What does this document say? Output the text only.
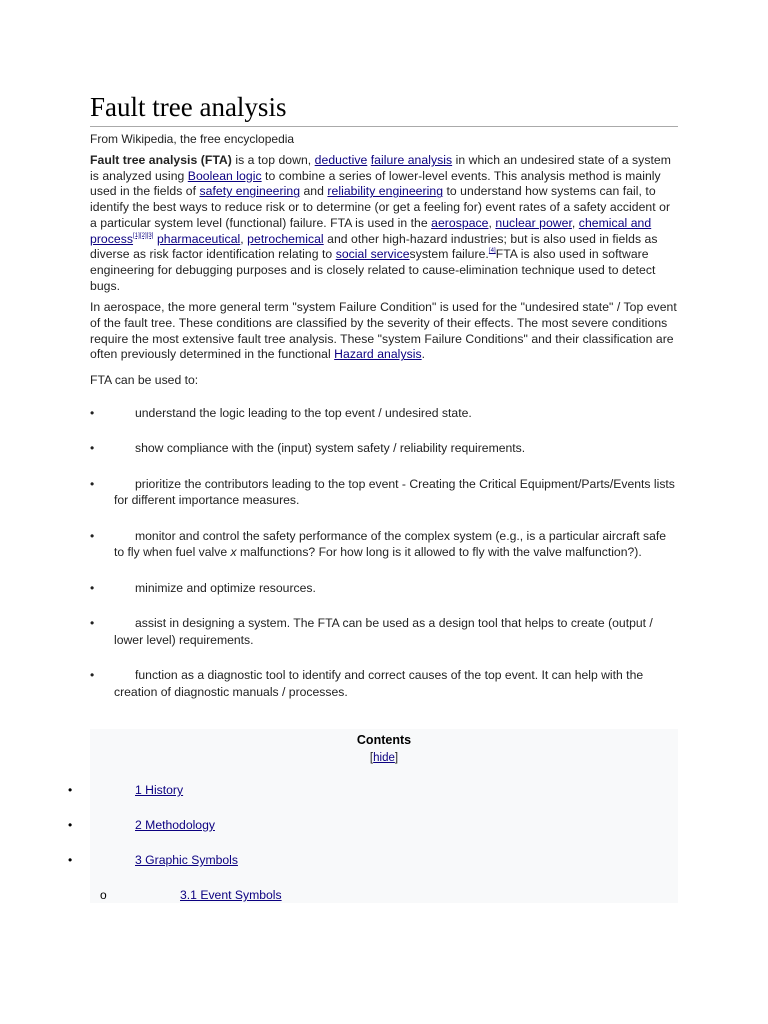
Fault tree analysis
From Wikipedia, the free encyclopedia

Fault tree analysis (FTA) is a top down, deductive failure analysis in which an undesired state of a system is analyzed using Boolean logic to combine a series of lower-level events. This analysis method is mainly used in the fields of safety engineering and reliability engineering to understand how systems can fail, to identify the best ways to reduce risk or to determine (or get a feeling for) event rates of a safety accident or a particular system level (functional) failure. FTA is used in the aerospace, nuclear power, chemical and process[1][2][3] pharmaceutical, petrochemical and other high-hazard industries; but is also used in fields as diverse as risk factor identification relating to social servicesystem failure.[4]FTA is also used in software engineering for debugging purposes and is closely related to cause-elimination technique used to detect bugs.

In aerospace, the more general term "system Failure Condition" is used for the "undesired state" / Top event of the fault tree. These conditions are classified by the severity of their effects. The most severe conditions require the most extensive fault tree analysis. These "system Failure Conditions" and their classification are often previously determined in the functional Hazard analysis.

FTA can be used to:
•	understand the logic leading to the top event / undesired state.
•	show compliance with the (input) system safety / reliability requirements.
•	prioritize the contributors leading to the top event - Creating the Critical Equipment/Parts/Events lists for different importance measures.
•	monitor and control the safety performance of the complex system (e.g., is a particular aircraft safe to fly when fuel valve x malfunctions? For how long is it allowed to fly with the valve malfunction?).
•	minimize and optimize resources.
•	assist in designing a system. The FTA can be used as a design tool that helps to create (output / lower level) requirements.
•	function as a diagnostic tool to identify and correct causes of the top event. It can help with the creation of diagnostic manuals / processes.
Contents
[hide]
•	1 History
•	2 Methodology
•	3 Graphic Symbols
o	3.1 Event Symbols
